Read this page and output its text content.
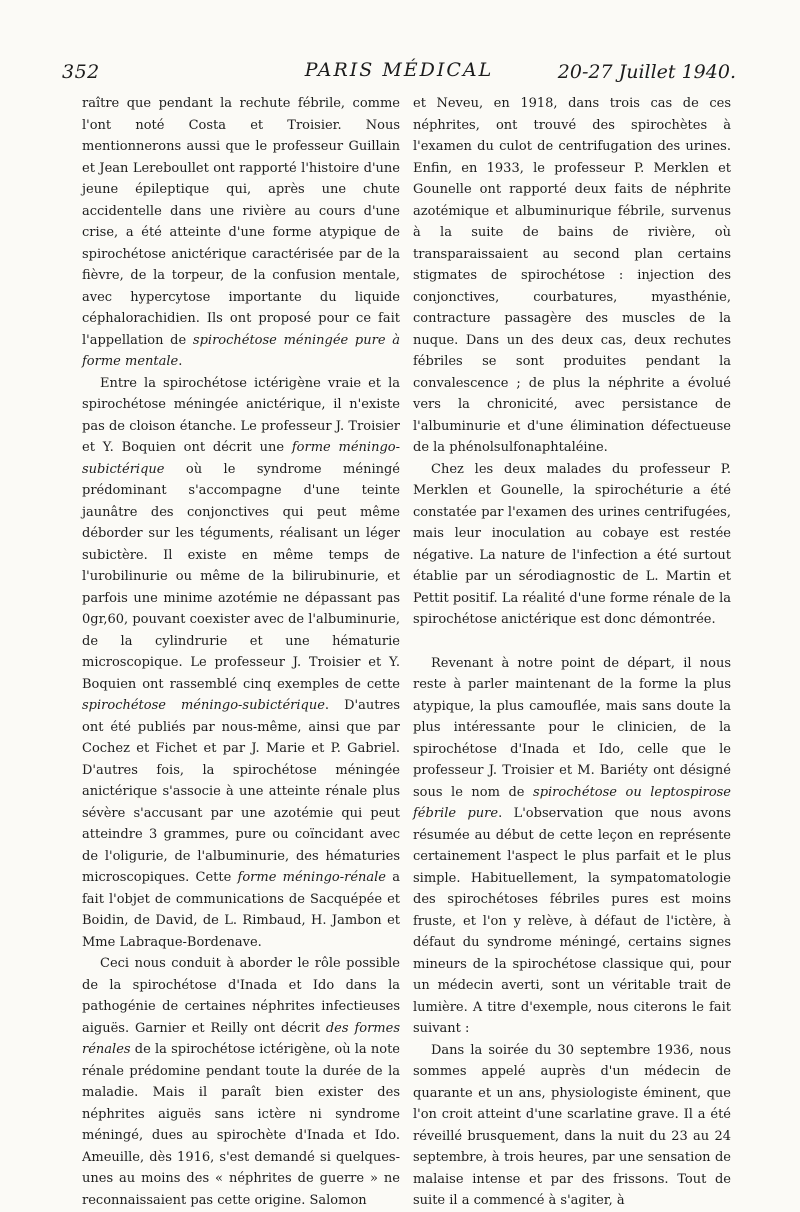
352	PARIS MÉDICAL	20-27 Juillet 1940.

raître que pendant la rechute fébrile, comme l'ont noté Costa et Troisier. Nous mentionnerons aussi que le professeur Guillain et Jean Lereboullet ont rapporté l'histoire d'une jeune épileptique qui, après une chute accidentelle dans une rivière au cours d'une crise, a été atteinte d'une forme atypique de spirochétose anictérique caractérisée par de la fièvre, de la torpeur, de la confusion mentale, avec hypercytose importante du liquide céphalorachidien. Ils ont proposé pour ce fait l'appellation de spirochétose méningée pure à forme mentale.

Entre la spirochétose ictérigène vraie et la spirochétose méningée anictérique, il n'existe pas de cloison étanche. Le professeur J. Troisier et Y. Boquien ont décrit une forme méningo-subictérique où le syndrome méningé prédominant s'accompagne d'une teinte jaunâtre des conjonctives qui peut même déborder sur les téguments, réalisant un léger subictère. Il existe en même temps de l'urobilinurie ou même de la bilirubinurie, et parfois une minime azotémie ne dépassant pas 0gr,60, pouvant coexister avec de l'albuminurie, de la cylindrurie et une hématurie microscopique. Le professeur J. Troisier et Y. Boquien ont rassemblé cinq exemples de cette spirochétose méningo-subictérique. D'autres ont été publiés par nous-même, ainsi que par Cochez et Fichet et par J. Marie et P. Gabriel. D'autres fois, la spirochétose méningée anictérique s'associe à une atteinte rénale plus sévère s'accusant par une azotémie qui peut atteindre 3 grammes, pure ou coïncidant avec de l'oligurie, de l'albuminurie, des hématuries microscopiques. Cette forme méningo-rénale a fait l'objet de communications de Sacquépée et Boidin, de David, de L. Rimbaud, H. Jambon et Mme Labraque-Bordenave.

Ceci nous conduit à aborder le rôle possible de la spirochétose d'Inada et Ido dans la pathogénie de certaines néphrites infectieuses aiguës. Garnier et Reilly ont décrit des formes rénales de la spirochétose ictérigène, où la note rénale prédomine pendant toute la durée de la maladie. Mais il paraît bien exister des néphrites aiguës sans ictère ni syndrome méningé, dues au spirochète d'Inada et Ido. Ameuille, dès 1916, s'est demandé si quelques-unes au moins des « néphrites de guerre » ne reconnaissaient pas cette origine. Salomon

et Neveu, en 1918, dans trois cas de ces néphrites, ont trouvé des spirochètes à l'examen du culot de centrifugation des urines. Enfin, en 1933, le professeur P. Merklen et Gounelle ont rapporté deux faits de néphrite azotémique et albuminurique fébrile, survenus à la suite de bains de rivière, où transparaissaient au second plan certains stigmates de spirochétose : injection des conjonctives, courbatures, myasthénie, contracture passagère des muscles de la nuque. Dans un des deux cas, deux rechutes fébriles se sont produites pendant la convalescence ; de plus la néphrite a évolué vers la chronicité, avec persistance de l'albuminurie et d'une élimination défectueuse de la phénolsulfonaphtaléine.

Chez les deux malades du professeur P. Merklen et Gounelle, la spirochéturie a été constatée par l'examen des urines centrifugées, mais leur inoculation au cobaye est restée négative. La nature de l'infection a été surtout établie par un sérodiagnostic de L. Martin et Pettit positif. La réalité d'une forme rénale de la spirochétose anictérique est donc démontrée.

Revenant à notre point de départ, il nous reste à parler maintenant de la forme la plus atypique, la plus camouflée, mais sans doute la plus intéressante pour le clinicien, de la spirochétose d'Inada et Ido, celle que le professeur J. Troisier et M. Bariéty ont désigné sous le nom de spirochétose ou leptospirose fébrile pure. L'observation que nous avons résumée au début de cette leçon en représente certainement l'aspect le plus parfait et le plus simple. Habituellement, la sympatomatologie des spirochétoses fébriles pures est moins fruste, et l'on y relève, à défaut de l'ictère, à défaut du syndrome méningé, certains signes mineurs de la spirochétose classique qui, pour un médecin averti, sont un véritable trait de lumière. A titre d'exemple, nous citerons le fait suivant :

Dans la soirée du 30 septembre 1936, nous sommes appelé auprès d'un médecin de quarante et un ans, physiologiste éminent, que l'on croit atteint d'une scarlatine grave. Il a été réveillé brusquement, dans la nuit du 23 au 24 septembre, à trois heures, par une sensation de malaise intense et par des frissons. Tout de suite il a commencé à s'agiter, à
